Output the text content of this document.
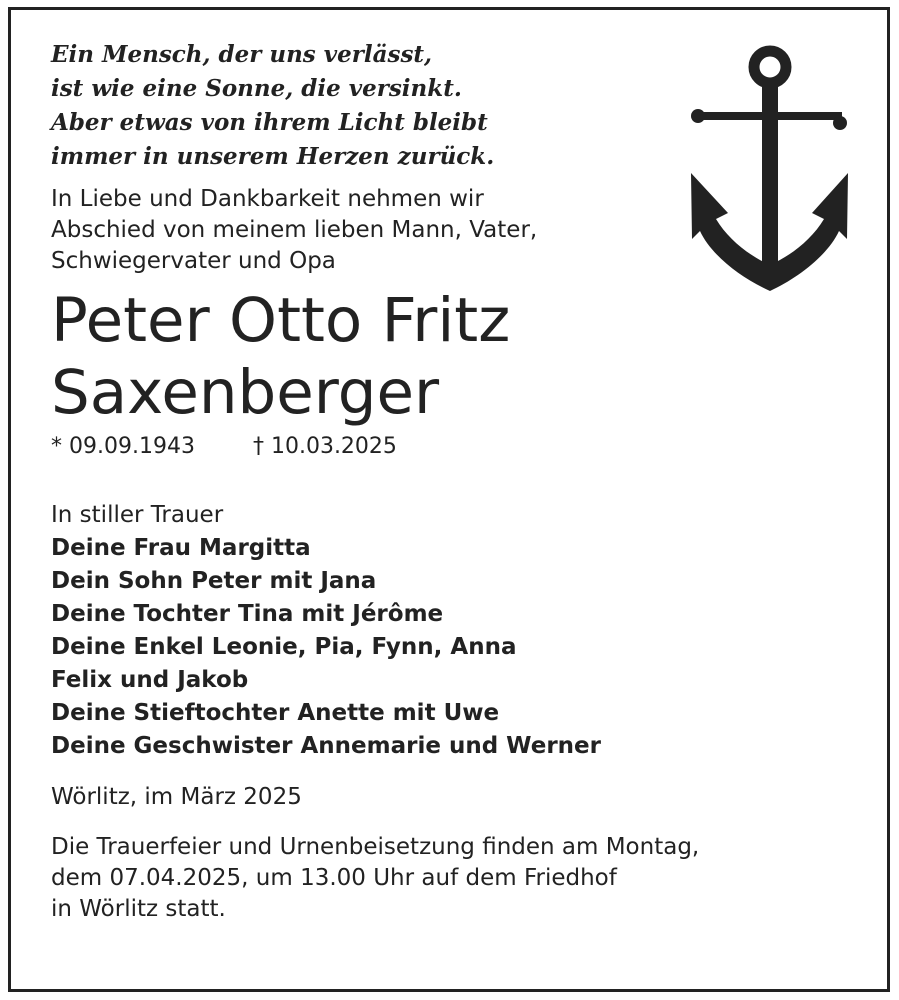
Ein Mensch, der uns verlässt,
ist wie eine Sonne, die versinkt.
Aber etwas von ihrem Licht bleibt
immer in unserem Herzen zurück.
In Liebe und Dankbarkeit nehmen wir
Abschied von meinem lieben Mann, Vater,
Schwiegervater und Opa
Peter Otto Fritz
Saxenberger
* 09.09.1943	† 10.03.2025
In stiller Trauer
Deine Frau Margitta
Dein Sohn Peter mit Jana
Deine Tochter Tina mit Jérôme
Deine Enkel Leonie, Pia, Fynn, Anna
Felix und Jakob
Deine Stieftochter Anette mit Uwe
Deine Geschwister Annemarie und Werner
Wörlitz, im März 2025
Die Trauerfeier und Urnenbeisetzung finden am Montag,
dem 07.04.2025, um 13.00 Uhr auf dem Friedhof
in Wörlitz statt.
